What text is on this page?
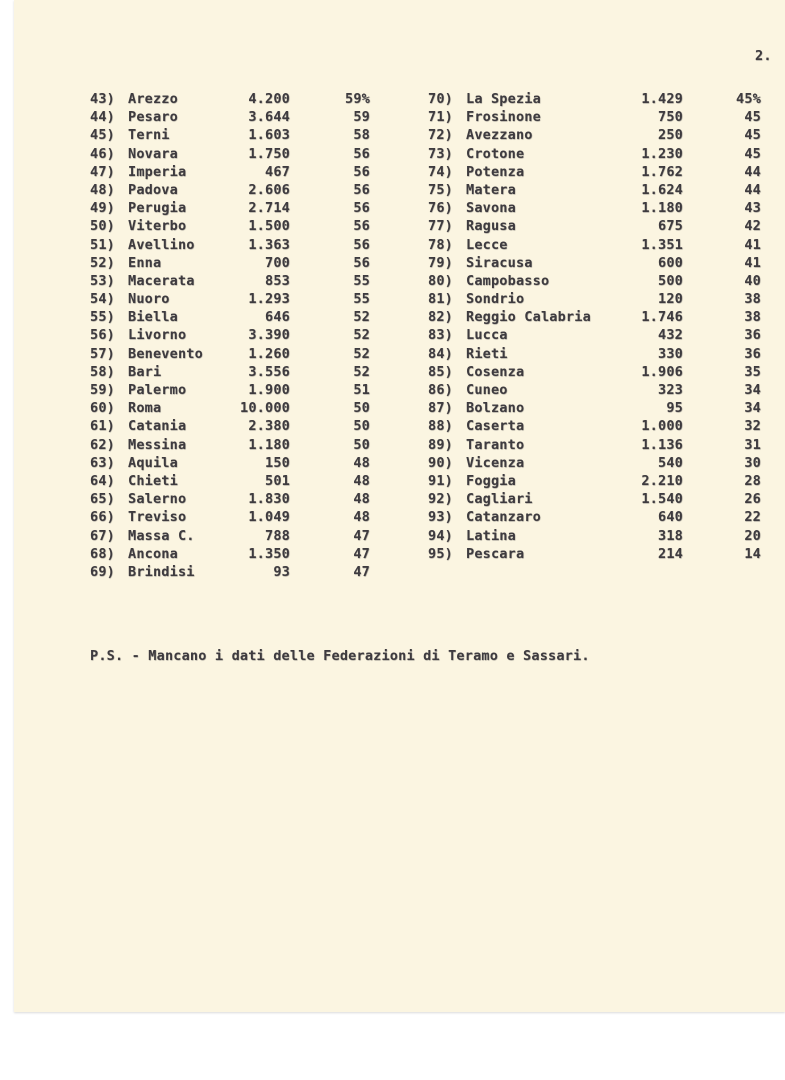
2.
43) Arezzo	4.200	59%
44) Pesaro	3.644	59
45) Terni	1.603	58
46) Novara	1.750	56
47) Imperia	467	56
48) Padova	2.606	56
49) Perugia	2.714	56
50) Viterbo	1.500	56
51) Avellino	1.363	56
52) Enna	700	56
53) Macerata	853	55
54) Nuoro	1.293	55
55) Biella	646	52
56) Livorno	3.390	52
57) Benevento	1.260	52
58) Bari	3.556	52
59) Palermo	1.900	51
60) Roma	10.000	50
61) Catania	2.380	50
62) Messina	1.180	50
63) Aquila	150	48
64) Chieti	501	48
65) Salerno	1.830	48
66) Treviso	1.049	48
67) Massa C.	788	47
68) Ancona	1.350	47
69) Brindisi	93	47
70) La Spezia	1.429	45%
71) Frosinone	750	45
72) Avezzano	250	45
73) Crotone	1.230	45
74) Potenza	1.762	44
75) Matera	1.624	44
76) Savona	1.180	43
77) Ragusa	675	42
78) Lecce	1.351	41
79) Siracusa	600	41
80) Campobasso	500	40
81) Sondrio	120	38
82) Reggio Calabria	1.746	38
83) Lucca	432	36
84) Rieti	330	36
85) Cosenza	1.906	35
86) Cuneo	323	34
87) Bolzano	95	34
88) Caserta	1.000	32
89) Taranto	1.136	31
90) Vicenza	540	30
91) Foggia	2.210	28
92) Cagliari	1.540	26
93) Catanzaro	640	22
94) Latina	318	20
95) Pescara	214	14
P.S. - Mancano i dati delle Federazioni di Teramo e Sassari.
